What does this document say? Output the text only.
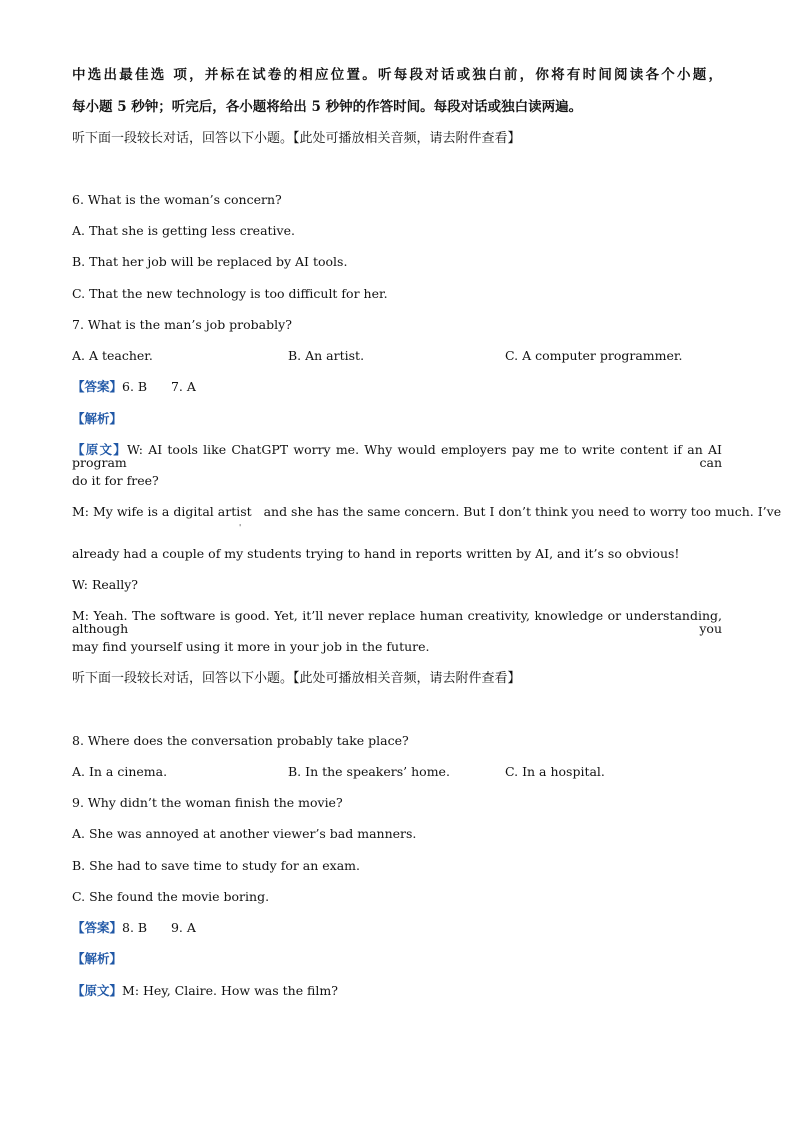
中选出最佳选 项，并标在试卷的相应位置。听每段对话或独白前，你将有时间阅读各个小题，
每小题 5 秒钟；听完后，各小题将给出 5 秒钟的作答时间。每段对话或独白读两遍。
听下面一段较长对话，回答以下小题。【此处可播放相关音频，请去附件查看】
6. What is the woman’s concern?
A. That she is getting less creative.
B. That her job will be replaced by AI tools.
C. That the new technology is too difficult for her.
7. What is the man’s job probably?
A. A teacher.	B. An artist.	C. A computer programmer.
【答案】6. B      7. A
【解析】
【原文】W: AI tools like ChatGPT worry me. Why would employers pay me to write content if an AI program can
do it for free?
M: My wife is a digital artist   and she has the same concern. But I don’t think you need to worry too much. I’ve
'
already had a couple of my students trying to hand in reports written by AI, and it’s so obvious!
W: Really?
M: Yeah. The software is good. Yet, it’ll never replace human creativity, knowledge or understanding, although you
may find yourself using it more in your job in the future.
听下面一段较长对话，回答以下小题。【此处可播放相关音频，请去附件查看】
8. Where does the conversation probably take place?
A. In a cinema.	B. In the speakers’ home.	C. In a hospital.
9. Why didn’t the woman finish the movie?
A. She was annoyed at another viewer’s bad manners.
B. She had to save time to study for an exam.
C. She found the movie boring.
【答案】8. B      9. A
【解析】
【原文】M: Hey, Claire. How was the film?
